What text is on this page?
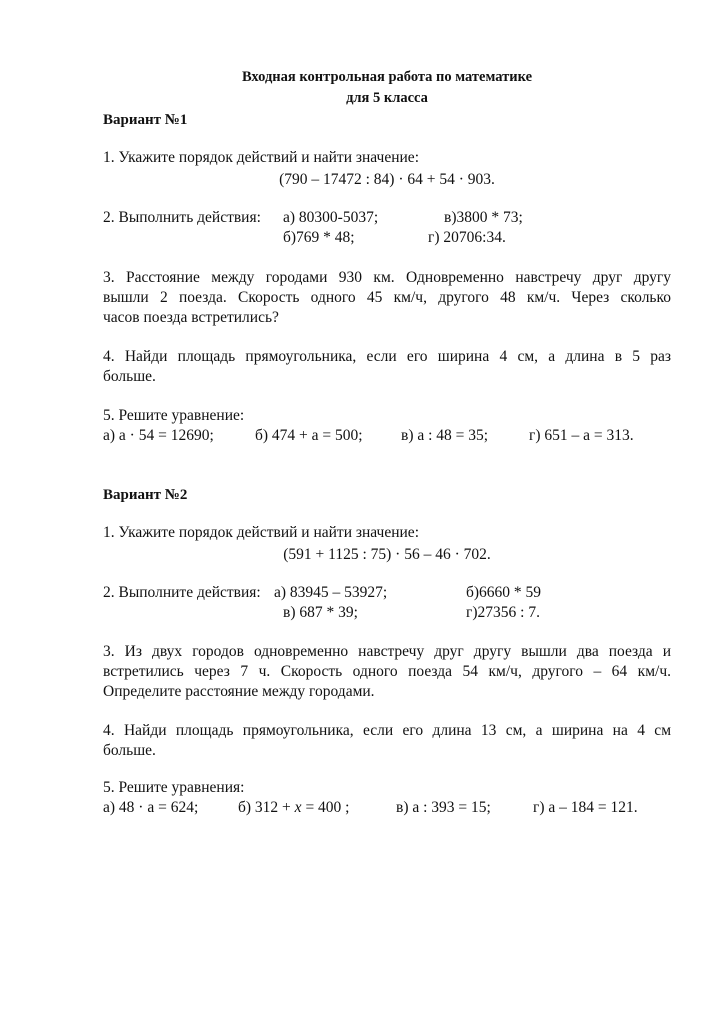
Входная контрольная работа по математике
для 5 класса
Вариант №1
1. Укажите порядок действий и найти значение:
(790 – 17472 : 84) · 64 + 54 · 903.
2. Выполнить действия: а) 80300-5037;	в)3800 * 73;
б)769 * 48;	г) 20706:34.
3. Расстояние между городами 930 км. Одновременно навстречу друг другу
вышли 2 поезда. Скорость одного 45 км/ч, другого 48 км/ч. Через сколько
часов поезда встретились?
4. Найди площадь прямоугольника, если его ширина 4 см, а длина в 5 раз
больше.
5. Решите уравнение:
а) а · 54 = 12690;	б) 474 + а = 500; в) а : 48 = 35;	г) 651 – а = 313.
Вариант №2
1. Укажите порядок действий и найти значение:
(591 + 1125 : 75) · 56 – 46 · 702.
2. Выполните действия: а) 83945 – 53927;	б)6660 * 59
в) 687 * 39;	г)27356 : 7.
3. Из двух городов одновременно навстречу друг другу вышли два поезда и
встретились через 7 ч. Скорость одного поезда 54 км/ч, другого – 64 км/ч.
Определите расстояние между городами.
4. Найди площадь прямоугольника, если его длина 13 см, а ширина на 4 см
больше.
5. Решите уравнения:
а) 48 · а = 624;	б) 312 + х = 400 ;	в) а : 393 = 15;	г) а – 184 = 121.
